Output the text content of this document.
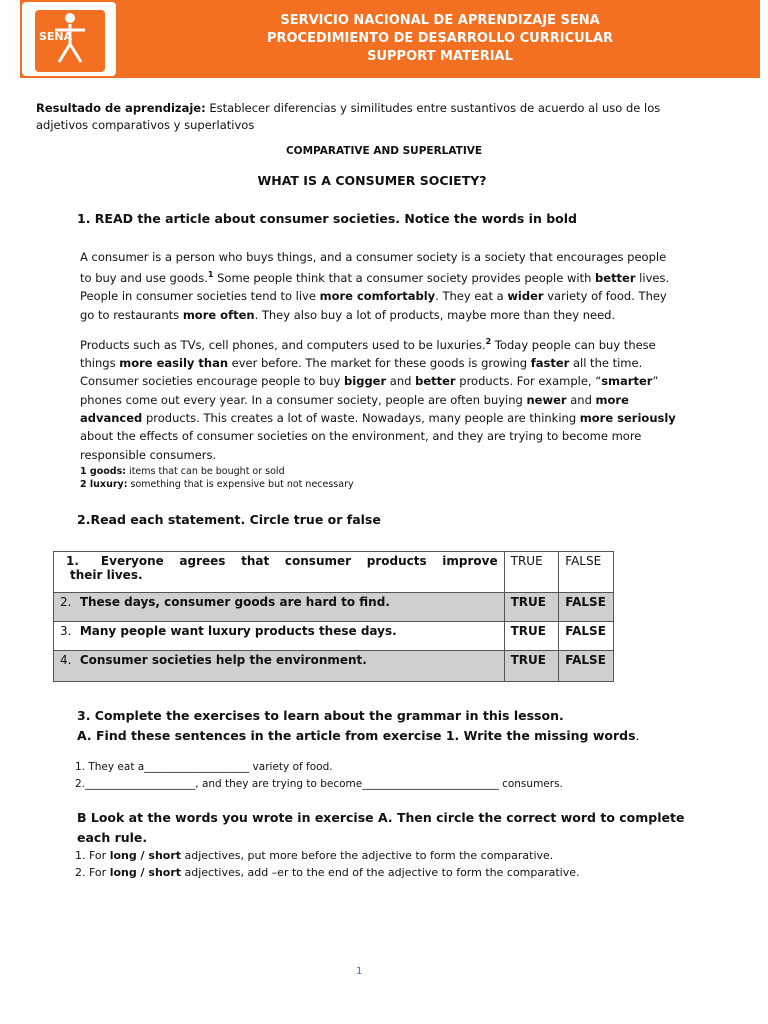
SENA
SERVICIO NACIONAL DE APRENDIZAJE SENA
PROCEDIMIENTO DE DESARROLLO CURRICULAR
SUPPORT MATERIAL
Resultado de aprendizaje: Establecer diferencias y similitudes entre sustantivos de acuerdo al uso de los
adjetivos comparativos y superlativos
COMPARATIVE AND SUPERLATIVE
WHAT IS A CONSUMER SOCIETY?
1. READ the article about consumer societies. Notice the words in bold
A consumer is a person who buys things, and a consumer society is a society that encourages people
to buy and use goods.$^1$ Some people think that a consumer society provides people with better lives.
People in consumer societies tend to live more comfortably. They eat a wider variety of food. They
go to restaurants more often. They also buy a lot of products, maybe more than they need.
Products such as TVs, cell phones, and computers used to be luxuries.$^2$ Today people can buy these
things more easily than ever before. The market for these goods is growing faster all the time.
Consumer societies encourage people to buy bigger and better products. For example, “smarter”
phones come out every year. In a consumer society, people are often buying newer and more
advanced products. This creates a lot of waste. Nowadays, many people are thinking more seriously
about the effects of consumer societies on the environment, and they are trying to become more
responsible consumers.
1 goods: items that can be bought or sold
2 luxury: something that is expensive but not necessary
2.Read each statement. Circle true or false
1. Everyone agrees that consumer products improve
their lives.	TRUE	FALSE
2. These days, consumer goods are hard to find.	TRUE	FALSE
3. Many people want luxury products these days.	TRUE	FALSE
4. Consumer societies help the environment.	TRUE	FALSE
3. Complete the exercises to learn about the grammar in this lesson.
A. Find these sentences in the article from exercise 1. Write the missing words.
1. They eat a____________________ variety of food.
2._____________________, and they are trying to become__________________________ consumers.
B Look at the words you wrote in exercise A. Then circle the correct word to complete
each rule.
1. For long / short adjectives, put more before the adjective to form the comparative.
2. For long / short adjectives, add –er to the end of the adjective to form the comparative.
1
